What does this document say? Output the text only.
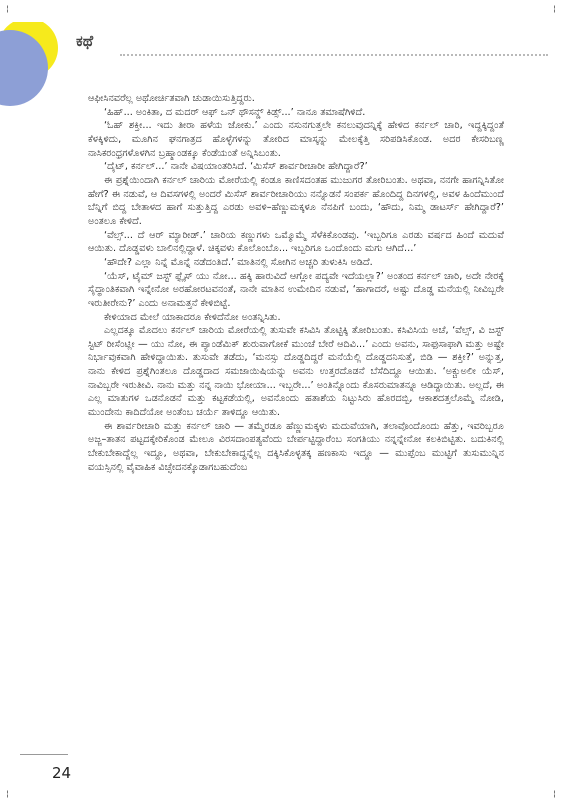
ಕಥೆ

ಆಫೀಸಿನವರೆಲ್ಲ ಅಥೋರ್ಚಿತವಾಗಿ ಚುಡಾಯಿಸುತ್ತಿದ್ದರು.

‘ಹಿಹ್... ಅಂಕಿತಾ, ದ ಮದರ್ ಆಫ್ ಒನ್ ಥೌಸನ್ಡ್ ಕಿಡ್ಸ್...’ ನಾನೂ ತಮಾಷೆಗಿಳಿದೆ.

‘ಓಹ್ ಶಕ್ತೀ... ಇದು ತೀರಾ ಹಳೆಯ ಜೋಕು.’ ಎಂದು ನಸುನಗುತ್ತಲೇ ಕನಲುವುದನ್ನಿಕ್ಕೆ ಹೇಳಿದ ಕರ್ನಲ್ ಚಾರಿ, ಇದ್ದಕ್ಕಿದ್ದಂತೆ ಕೆಳಕ್ಕಿಳಿದು, ಮೂಗಿನ ಘನಗಾತ್ರದ ಹೊಳ್ಳೆಗಳನ್ನು ತೋರಿದ ಮಾಸ್ಕನ್ನು ಮೇಲಕ್ಕೆತ್ತಿ ಸರಿಪಡಿಸಿಕೊಂಡ. ಅದರ ಕೇಸರಿಬಣ್ಣ ನಾಸಿಕರಂಧ್ರಗಳೊಳಗಿನ ಬ್ರಹ್ಮಾಂಡಕ್ಕೂ ಕೆಂಡೆಯಂತೆ ಅನ್ನಿಸಿಬಂತು.

‘ದೈಟ್, ಕರ್ನಲ್...’ ನಾನೇ ವಿಷಯಾಂತರಿಸಿದೆ. ‘ಮಿಸೆಸ್ ಶಾರ್ವರೀಚಾರೀ ಹೇಗಿದ್ದಾರೆ?’

ಈ ಪ್ರಶ್ನೆಯಿಂದಾಗಿ ಕರ್ನಲ್ ಚಾರಿಯ ಮೋರೆಯಲ್ಲಿ ಕಂಡೂ ಕಾಣಿಸದಂತಹ ಮುಜುಗರ ತೋರಿಬಂತು. ಅಥವಾ, ನನಗೇ ಹಾಗನ್ನಿಸಿತೋ ಹೇಗೆ? ಈ ನಡುವೆ, ಆ ದಿವಸಗಳಲ್ಲಿ ಅಂದರೆ ಮಿಸೆಸ್ ಶಾರ್ವರೀಚಾರಿಯು ನನ್ನೊಡನೆ ಸಂಪರ್ಕ ಹೊಂದಿದ್ದ ದಿನಗಳಲ್ಲಿ, ಅವಳ ಹಿಂದೆಮುಂದೆ ಬೆನ್ನಿಗೆ ಬಿದ್ದ ಬೇತಾಳದ ಹಾಗೆ ಸುತ್ತುತ್ತಿದ್ದ ಎರಡು ಅವಳಿ–ಹೆಣ್ಣುಮಕ್ಕಳೂ ನೆನಪಿಗೆ ಬಂದು, ‘ಹೌದು, ನಿಮ್ಮ ಡಾಟರ್ಸ್ ಹೇಗಿದ್ದಾರೆ?’ ಅಂತಲೂ ಕೇಳಿದೆ.

‘ವೆಲ್ಸ್... ದೆ ಆರ್ ಮ್ಯಾರೀಡ್.’ ಚಾರಿಯ ಕಣ್ಣುಗಳು ಒಮ್ಮೊಮ್ಮೆ ಸೆಳೆಕಿಕೊಂಡವು. ‘ಇಬ್ಬರಿಗೂ ಎರಡು ವರ್ಷದ ಹಿಂದೆ ಮದುವೆ ಆಯಿತು. ದೊಡ್ಡವಳು ಬಾಲಿನಲ್ಲಿದ್ದಾಳೆ. ಚಿಕ್ಕವಳು ಕೊಲೊಂಬೊ... ಇಬ್ಬರಿಗೂ ಒಂದೊಂದು ಮಗು ಆಗಿದೆ...’

‘ಹೌದೇ? ಎಲ್ಲಾ ನಿನ್ನೆ ಮೊನ್ನೆ ನಡೆದಂತಿದೆ.’ ಮಾತಿನಲ್ಲಿ ಸೋಗಿನ ಅಚ್ಚರಿ ತುಳುಕಿಸಿ ಅಡಿದೆ.

‘ಯೆಸ್, ಟೈಮ್ ಜಸ್ಟ್ ಫ್ಲೈಸ್ ಯು ನೋ... ಹಕ್ಕಿ ಹಾರುವಿದೆ ಆಗ್ಲೋ ಪದ್ಯವೇ ಇದೆಯಲ್ಲಾ?’ ಅಂತಂದ ಕರ್ನಲ್ ಚಾರಿ, ಅದೇ ನೇರಕ್ಕೆ ಸೈದ್ಧಾಂತಿಕವಾಗಿ ಇನ್ನೇನೋ ಅರಹೋರಟವನಂತೆ, ನಾನೇ ಮಾತಿನ ಉಮೇದಿನ ನಡುವೆ, ‘ಹಾಗಾದರೆ, ಅಷ್ಟು ದೊಡ್ಡ ಮನೆಯಲ್ಲಿ ನೀವಿಬ್ಬರೇ ಇರುತೀರೇನು?’ ಎಂದು ಅನಾಮತ್ತನೆ ಕೇಳಿಬಿಟ್ಟೆ.

ಕೇಳಿಯಾದ ಮೇಲೆ ಯಾಕಾದರೂ ಕೇಳಿದೆನೋ ಅಂತನ್ನಿಸಿತು.

ಎಲ್ಲದಕ್ಕೂ ಮೊದಲು ಕರ್ನಲ್ ಚಾರಿಯ ಮೋರೆಯಲ್ಲಿ ತುಸುವೇ ಕಸಿವಿಸಿ ತೊಟ್ಟಿಕ್ಕಿ ತೋರಿಬಂತು. ಕಸಿವಿಸಿಯ ಅಚೆ, ‘ವೆಲ್ಸ್, ವಿ ಜಸ್ಟ್ ಸ್ಟಿಟ್ ರೀಸೆಂಟ್ಲೀ — ಯು ನೋ, ಈ ಪ್ಯಾಂಡೆಮಿಕ್ ಶುರುವಾಗೋಕೆ ಮುಂಚೆ ಬೇರೆ ಆದಿವಿ...’ ಎಂದು ಅವನು, ಸಾಫುಸಾಫಾಗಿ ಮತ್ತು ಅಷ್ಟೇ ನಿರ್ಭಾವುಕವಾಗಿ ಹೇಳಿದ್ದಾಯಿತು. ತುಸುವೇ ತಡೆದು, ‘ಮನಸ್ಸು ದೊಡ್ಡದಿದ್ದರೆ ಮನೆಯೆಲ್ಲಿ ದೊಡ್ಡದನಿಸುತ್ತೆ, ಬಿಡಿ — ಶಕ್ತೀ?’ ಅನ್ನುತ್ತ, ನಾನು ಕೇಳಿದ ಪ್ರಶ್ನೆಗಿಂತಲೂ ದೊಡ್ಡದಾದ ಸಮಜಾಯಿಷಿಯನ್ನು ಅವನು ಉತ್ತರದೊಡನೆ ಬೆಸೆದಿದ್ದೂ ಆಯಿತು. ‘ಅಕ್ಚುಅಲೀ ಯೆಸ್, ನಾವಿಬ್ಬರೇ ಇರುತೀವಿ. ನಾನು ಮತ್ತು ನನ್ನ ನಾಯಿ ಭೋಯಾ... ಇಬ್ಬರೇ...’ ಅಂತಿನ್ನೊಂದು ಕೊಸರುಮಾತನ್ನೂ ಆಡಿದ್ದಾಯಿತು. ಅಲ್ಲದೆ, ಈ ಎಲ್ಲ ಮಾತುಗಳ ಒಡನೊಡನೆ ಮತ್ತು ಕಟ್ಟಕಡೆಯಲ್ಲಿ, ಅವನೊಂದು ಹತಾಶೆಯ ನಿಟ್ಟುಸಿರು ಹೊರದಬ್ಬಿ, ಆಕಾಶದತ್ತಲೊಮ್ಮೆ ನೋಡಿ, ಮುಂದೇನು ಕಾದಿದೆಯೋ ಅಂತೆಂಬ ಚರ್ಯೆ ತಾಳಿದ್ದೂ ಆಯಿತು.

ಈ ಶಾರ್ವರೀಚಾರಿ ಮತ್ತು ಕರ್ನಲ್ ಚಾರಿ — ತಮ್ಮೆರಡೂ ಹೆಣ್ಣುಮಕ್ಕಳು ಮದುವೆಯಾಗಿ, ತಲಾವೊಂದೊಂದು ಹೆತ್ತು, ಇವರಿಬ್ಬರೂ ಅಜ್ಜ–ತಾತನ ಪಟ್ಟದಕ್ಕೇರಿಕೊಂಡ ಮೇಲೂ ವಿರಸದಾಂಪತ್ಯವೆಂದು ಬೇರ್ಪಟ್ಟಿದ್ದಾರೆಂಬ ಸಂಗತಿಯು ನನ್ನನ್ನೇನೋ ಕಲಕಿಬಿಟ್ಟಿತು. ಬದುಕಿನಲ್ಲಿ ಬೇಕುಬೇಕಾದ್ದೆಲ್ಲ ಇದ್ದೂ, ಅಥವಾ, ಬೇಕುಬೇಕಾದ್ದನ್ನೆಲ್ಲ ದಕ್ಕಿಸಿಕೊಳ್ಳತಕ್ಕ ಹಣಕಾಸು ಇದ್ದೂ — ಮುಪ್ಪೆಂಬ ಮುಟ್ಟಿಗೆ ತುಸುಮುನ್ನಿನ ವಯಸ್ಸಿನಲ್ಲಿ ವೈವಾಹಿಕ ವಿಚ್ಛೇದನಕ್ಕೊಡಾಗಬಹುದೆಂಬ

24
¦	¦
¦	¦
